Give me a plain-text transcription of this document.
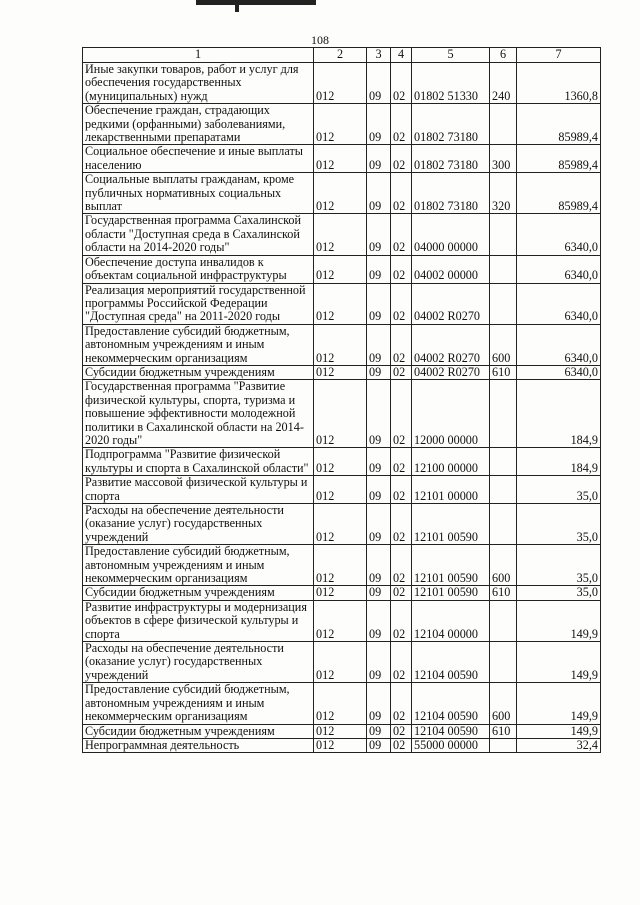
108
1	2	3	4	5	6	7
Иные закупки товаров, работ и услуг для обеспечения государственных (муниципальных) нужд	012	09	02	01802 51330	240	1360,8
Обеспечение граждан, страдающих редкими (орфанными) заболеваниями, лекарственными препаратами	012	09	02	01802 73180		85989,4
Социальное обеспечение и иные выплаты населению	012	09	02	01802 73180	300	85989,4
Социальные выплаты гражданам, кроме публичных нормативных социальных выплат	012	09	02	01802 73180	320	85989,4
Государственная программа Сахалинской области "Доступная среда в Сахалинской области на 2014-2020 годы"	012	09	02	04000 00000		6340,0
Обеспечение доступа инвалидов к объектам социальной инфраструктуры	012	09	02	04002 00000		6340,0
Реализация мероприятий государственной программы Российской Федерации "Доступная среда" на 2011-2020 годы	012	09	02	04002 R0270		6340,0
Предоставление субсидий бюджетным, автономным учреждениям и иным некоммерческим организациям	012	09	02	04002 R0270	600	6340,0
Субсидии бюджетным учреждениям	012	09	02	04002 R0270	610	6340,0
Государственная программа "Развитие физической культуры, спорта, туризма и повышение эффективности молодежной политики в Сахалинской области на 2014-2020 годы"	012	09	02	12000 00000		184,9
Подпрограмма "Развитие физической культуры и спорта в Сахалинской области"	012	09	02	12100 00000		184,9
Развитие массовой физической культуры и спорта	012	09	02	12101 00000		35,0
Расходы на обеспечение деятельности (оказание услуг) государственных учреждений	012	09	02	12101 00590		35,0
Предоставление субсидий бюджетным, автономным учреждениям и иным некоммерческим организациям	012	09	02	12101 00590	600	35,0
Субсидии бюджетным учреждениям	012	09	02	12101 00590	610	35,0
Развитие инфраструктуры и модернизация объектов в сфере физической культуры и спорта	012	09	02	12104 00000		149,9
Расходы на обеспечение деятельности (оказание услуг) государственных учреждений	012	09	02	12104 00590		149,9
Предоставление субсидий бюджетным, автономным учреждениям и иным некоммерческим организациям	012	09	02	12104 00590	600	149,9
Субсидии бюджетным учреждениям	012	09	02	12104 00590	610	149,9
Непрограммная деятельность	012	09	02	55000 00000		32,4
